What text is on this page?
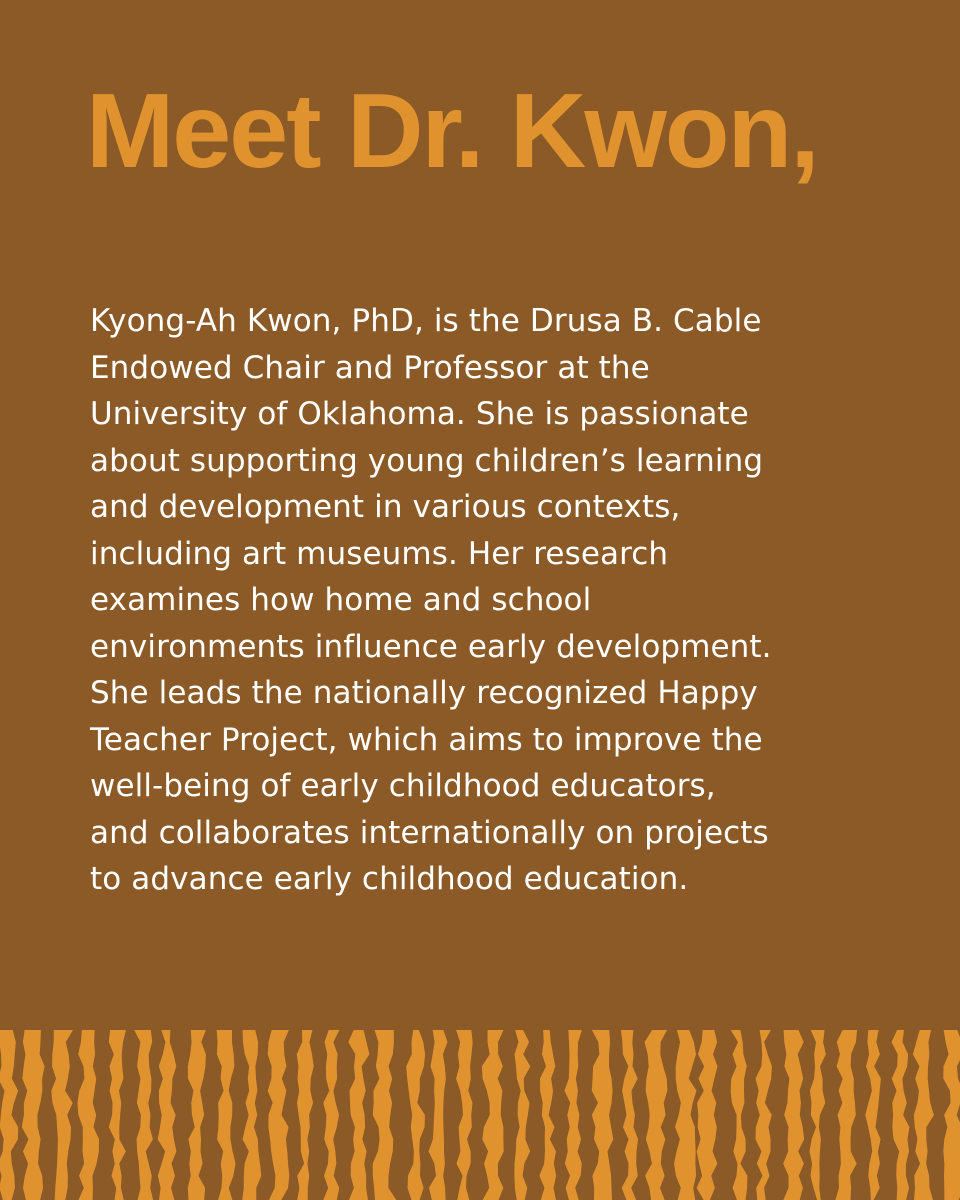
Meet Dr. Kwon,

Kyong-Ah Kwon, PhD, is the Drusa B. Cable
Endowed Chair and Professor at the
University of Oklahoma. She is passionate
about supporting young children’s learning
and development in various contexts,
including art museums. Her research
examines how home and school
environments influence early development.
She leads the nationally recognized Happy
Teacher Project, which aims to improve the
well-being of early childhood educators,
and collaborates internationally on projects
to advance early childhood education.
